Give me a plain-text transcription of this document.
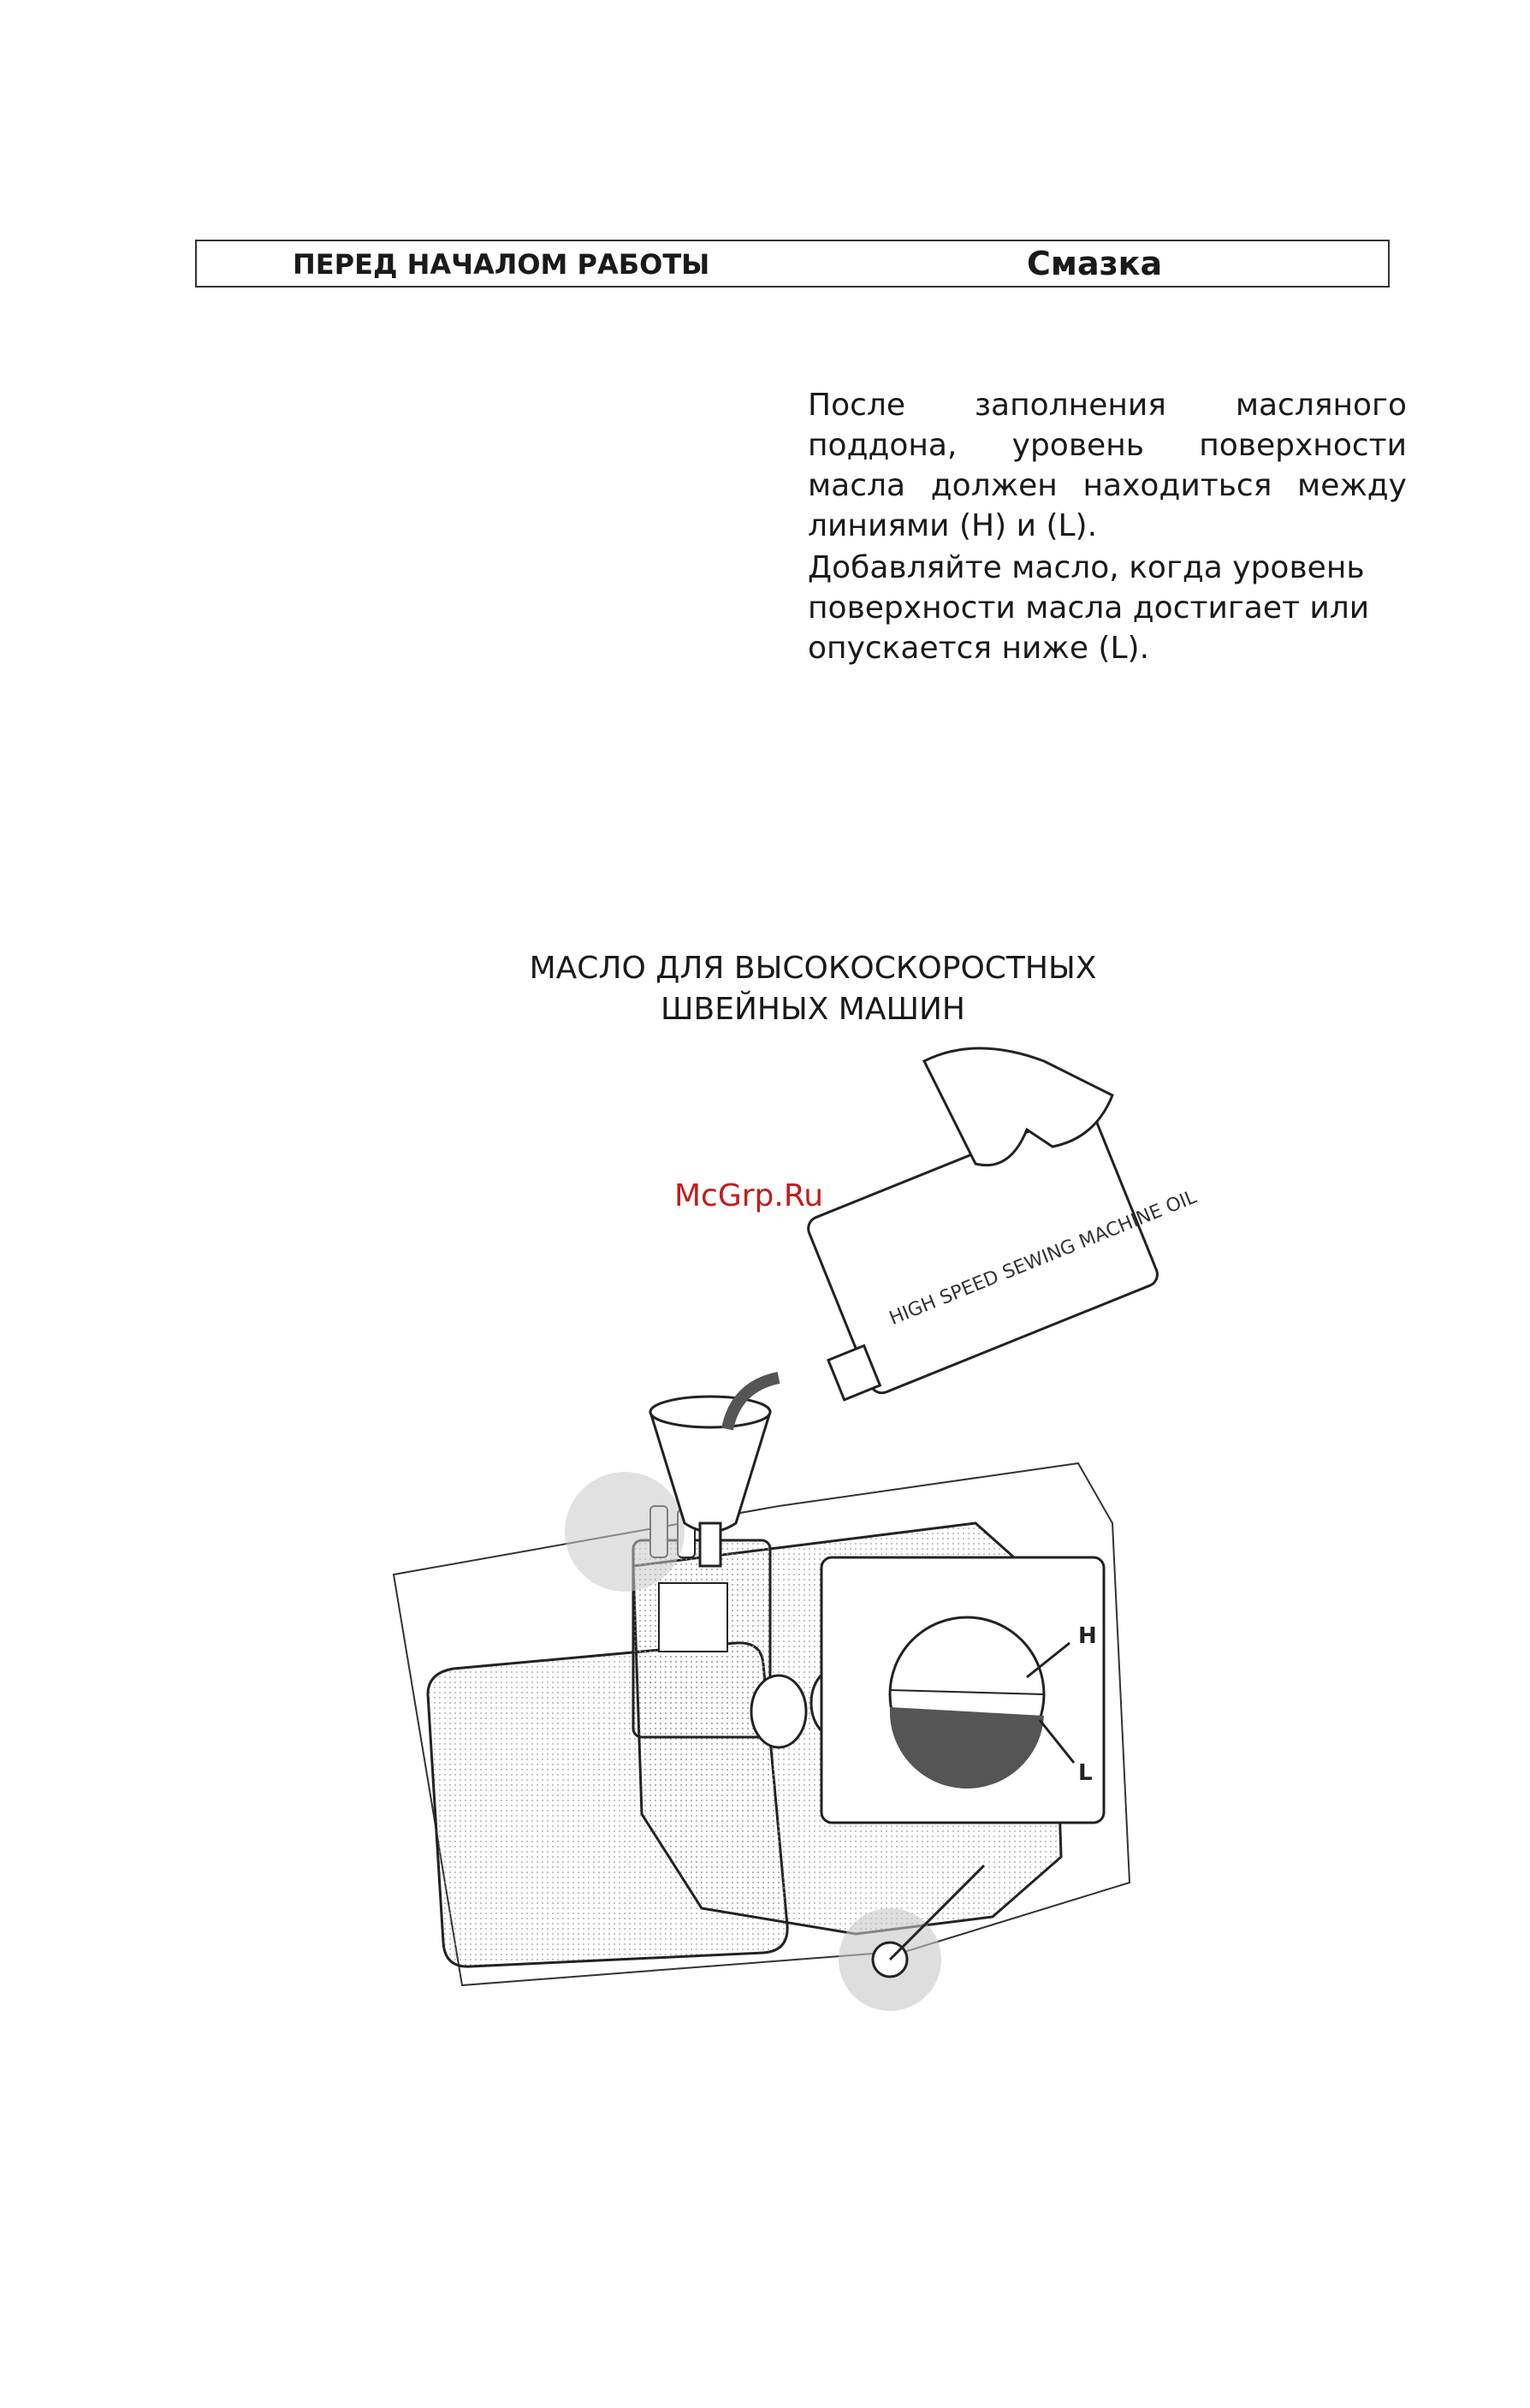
ПЕРЕД НАЧАЛОМ РАБОТЫ	Смазка
После заполнения масляного поддона, уровень поверхности масла должен находиться между линиями (H) и (L).
Добавляйте масло, когда уровень поверхности масла достигает или опускается ниже (L).
МАСЛО ДЛЯ ВЫСОКОСКОРОСТНЫХ
ШВЕЙНЫХ МАШИН
HIGH SPEED SEWING MACHINE OIL
H
L
McGrp.Ru
